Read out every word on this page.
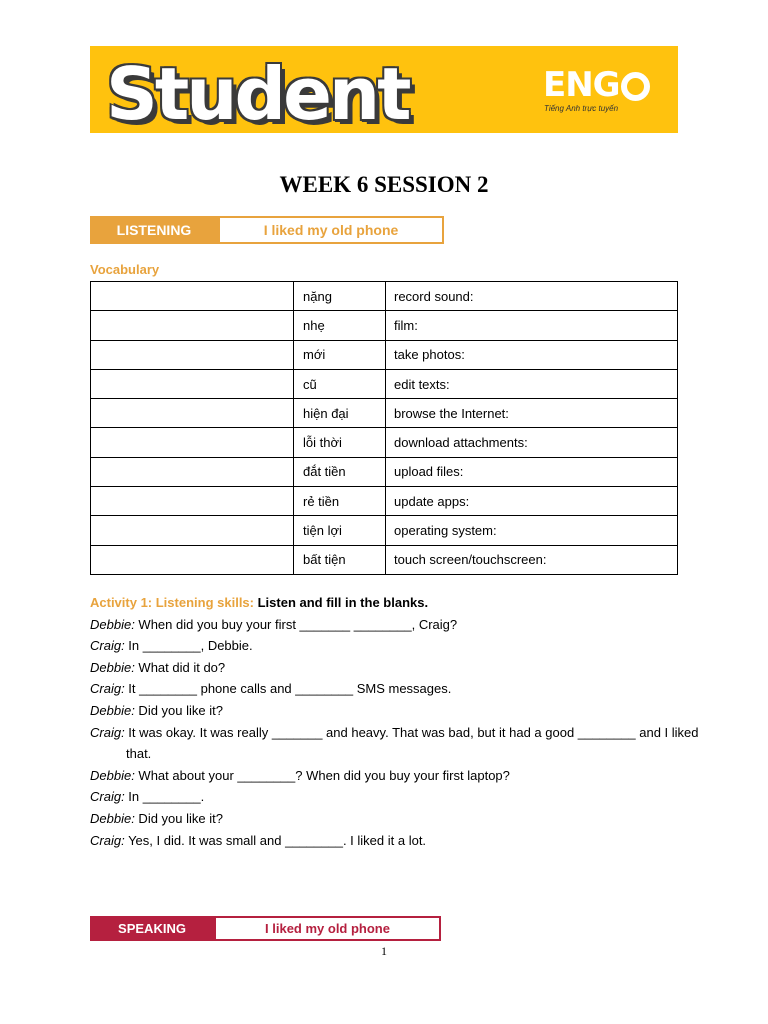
Student	ENG
Tiếng Anh trực tuyến
WEEK 6 SESSION 2
LISTENING	I liked my old phone
Vocabulary
	nặng	record sound:
	nhẹ	film:
	mới	take photos:
	cũ	edit texts:
	hiện đại	browse the Internet:
	lỗi thời	download attachments:
	đắt tiền	upload files:
	rẻ tiền	update apps:
	tiện lợi	operating system:
	bất tiện	touch screen/touchscreen:
Activity 1: Listening skills: Listen and fill in the blanks.
Debbie: When did you buy your first _______ ________, Craig?
Craig: In ________, Debbie.
Debbie: What did it do?
Craig: It ________ phone calls and ________ SMS messages.
Debbie: Did you like it?
Craig: It was okay. It was really _______ and heavy. That was bad, but it had a good ________ and I liked that.
Debbie: What about your ________? When did you buy your first laptop?
Craig: In ________.
Debbie: Did you like it?
Craig: Yes, I did. It was small and ________. I liked it a lot.
SPEAKING	I liked my old phone
1
